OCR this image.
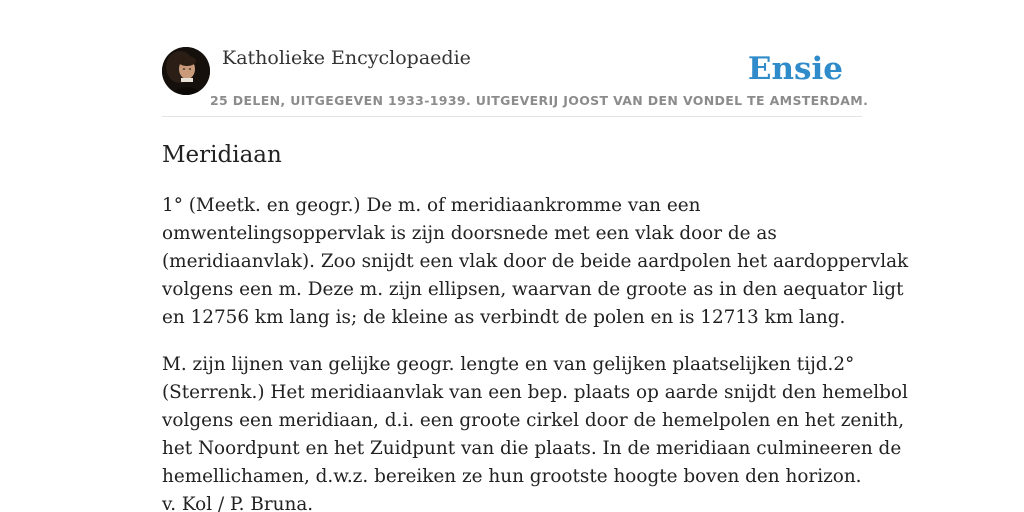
Katholieke Encyclopaedie
25 DELEN, UITGEGEVEN 1933-1939. UITGEVERIJ JOOST VAN DEN VONDEL TE AMSTERDAM.
Ensie
Meridiaan

1° (Meetk. en geogr.) De m. of meridiaankromme van een
omwentelingsoppervlak is zijn doorsnede met een vlak door de as
(meridiaanvlak). Zoo snijdt een vlak door de beide aardpolen het aardoppervlak
volgens een m. Deze m. zijn ellipsen, waarvan de groote as in den aequator ligt
en 12756 km lang is; de kleine as verbindt de polen en is 12713 km lang.

M. zijn lijnen van gelijke geogr. lengte en van gelijken plaatselijken tijd.2°
(Sterrenk.) Het meridiaanvlak van een bep. plaats op aarde snijdt den hemelbol
volgens een meridiaan, d.i. een groote cirkel door de hemelpolen en het zenith,
het Noordpunt en het Zuidpunt van die plaats. In de meridiaan culmineeren de
hemellichamen, d.w.z. bereiken ze hun grootste hoogte boven den horizon.
v. Kol / P. Bruna.
